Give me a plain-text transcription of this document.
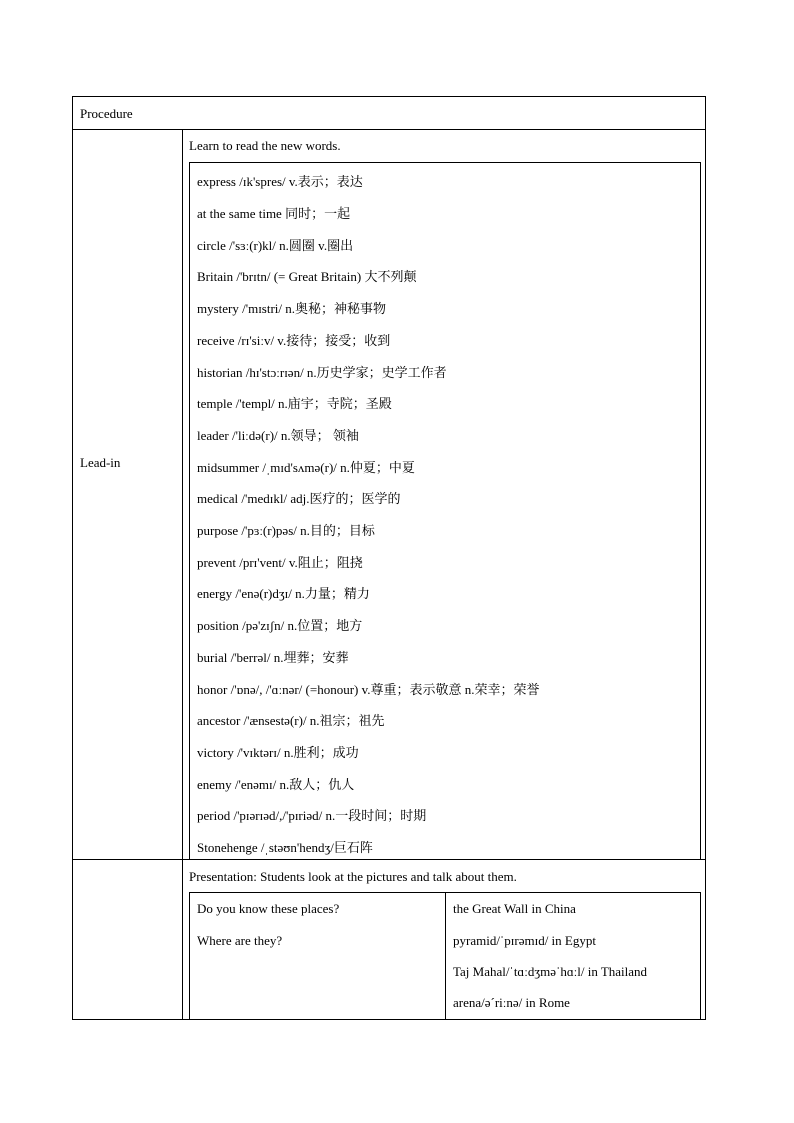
Procedure
Lead-in
Learn to read the new words.
express /ɪk'spres/ v.表示；表达
at the same time 同时；一起
circle /'sɜː(r)kl/ n.圆圈 v.圈出
Britain /'brɪtn/ (= Great Britain) 大不列颠
mystery /'mɪstri/ n.奥秘；神秘事物
receive /rɪ'siːv/ v.接待；接受；收到
historian /hɪ'stɔːrɪən/ n.历史学家；史学工作者
temple /'templ/ n.庙宇；寺院；圣殿
leader /'liːdə(r)/ n.领导； 领袖
midsummer /ˌmɪd'sʌmə(r)/ n.仲夏；中夏
medical /'medɪkl/ adj.医疗的；医学的
purpose /'pɜː(r)pəs/ n.目的；目标
prevent /prɪ'vent/ v.阻止；阻挠
energy /'enə(r)dʒɪ/ n.力量；精力
position /pə'zɪʃn/ n.位置；地方
burial /'berrəl/ n.埋葬；安葬
honor /'ɒnə/, /'ɑːnər/ (=honour) v.尊重；表示敬意 n.荣幸；荣誉
ancestor /'ænsestə(r)/ n.祖宗；祖先
victory /'vɪktərɪ/ n.胜利；成功
enemy /'enəmɪ/ n.敌人；仇人
period /'pɪərɪəd/,/'pɪriəd/ n.一段时间；时期
Stonehenge /ˌstəʊn'hendʒ/巨石阵
Presentation: Students look at the pictures and talk about them.
Do you know these places?
Where are they?
the Great Wall in China
pyramid/ˈpɪrəmɪd/ in Egypt
Taj Mahal/ˈtɑːdʒməˈhɑːl/ in Thailand
arena/əˊriːnə/ in Rome
